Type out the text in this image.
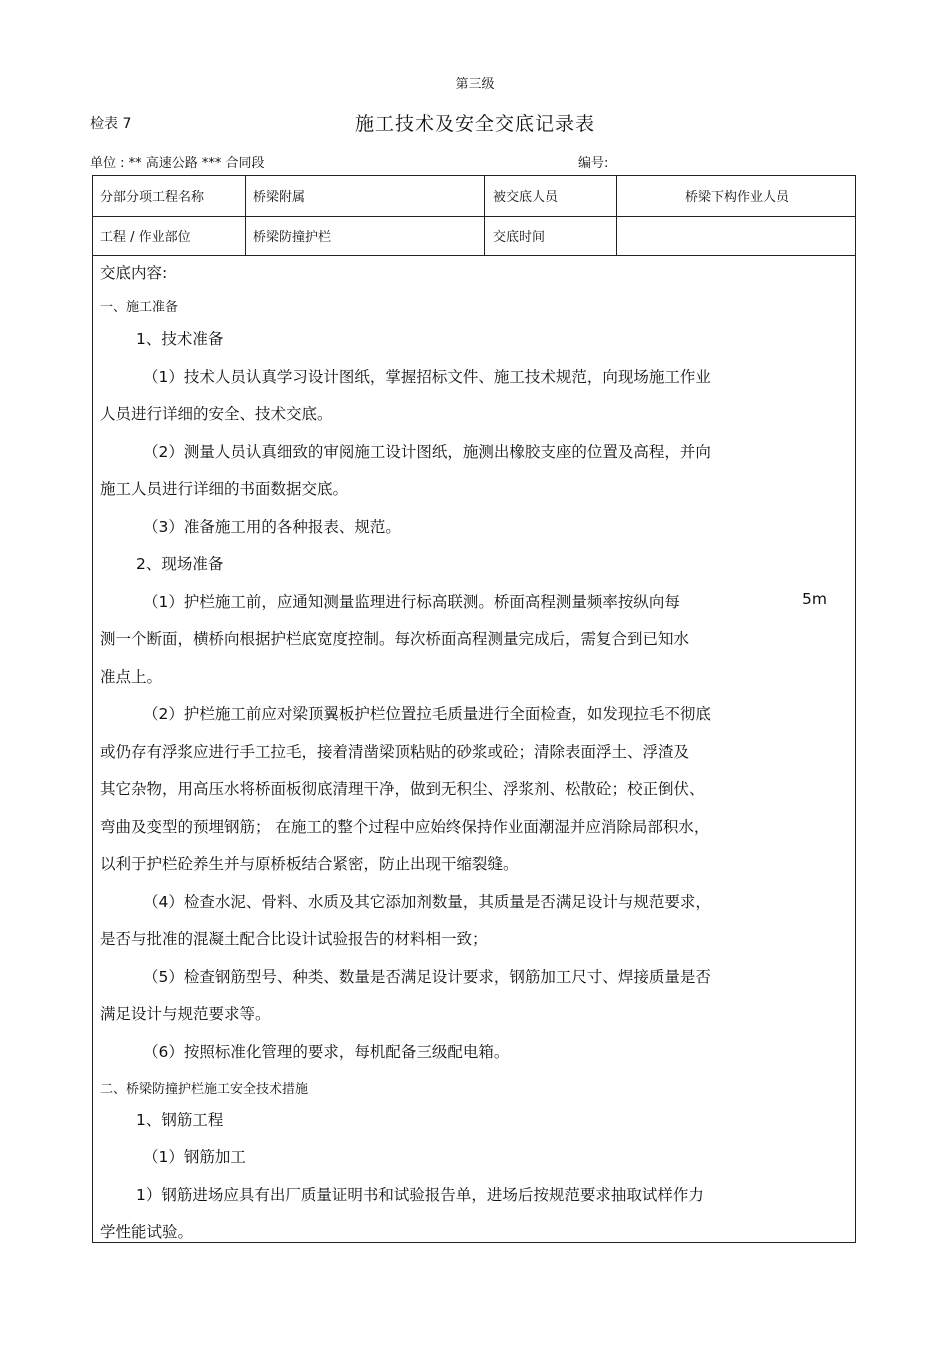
第三级
检表 7	施工技术及安全交底记录表
单位 : ** 高速公路 *** 合同段	编号:
分部分项工程名称	桥梁附属	被交底人员	桥梁下构作业人员
工程 / 作业部位	桥梁防撞护栏	交底时间
交底内容:
一、施工准备
1、技术准备
（1）技术人员认真学习设计图纸，掌握招标文件、施工技术规范，向现场施工作业
人员进行详细的安全、技术交底。
（2）测量人员认真细致的审阅施工设计图纸，施测出橡胶支座的位置及高程，并向
施工人员进行详细的书面数据交底。
（3）准备施工用的各种报表、规范。
2、现场准备
（1）护栏施工前，应通知测量监理进行标高联测。桥面高程测量频率按纵向每	5m
测一个断面，横桥向根据护栏底宽度控制。每次桥面高程测量完成后，需复合到已知水
准点上。
（2）护栏施工前应对梁顶翼板护栏位置拉毛质量进行全面检查，如发现拉毛不彻底
或仍存有浮浆应进行手工拉毛，接着清凿梁顶粘贴的砂浆或砼；清除表面浮土、浮渣及
其它杂物，用高压水将桥面板彻底清理干净，做到无积尘、浮浆剂、松散砼；校正倒伏、
弯曲及变型的预埋钢筋； 在施工的整个过程中应始终保持作业面潮湿并应消除局部积水，
以利于护栏砼养生并与原桥板结合紧密，防止出现干缩裂缝。
（4）检查水泥、骨料、水质及其它添加剂数量，其质量是否满足设计与规范要求，
是否与批准的混凝土配合比设计试验报告的材料相一致；
（5）检查钢筋型号、种类、数量是否满足设计要求，钢筋加工尺寸、焊接质量是否
满足设计与规范要求等。
（6）按照标准化管理的要求，每机配备三级配电箱。
二、桥梁防撞护栏施工安全技术措施
1、钢筋工程
（1）钢筋加工
1）钢筋进场应具有出厂质量证明书和试验报告单，进场后按规范要求抽取试样作力
学性能试验。
